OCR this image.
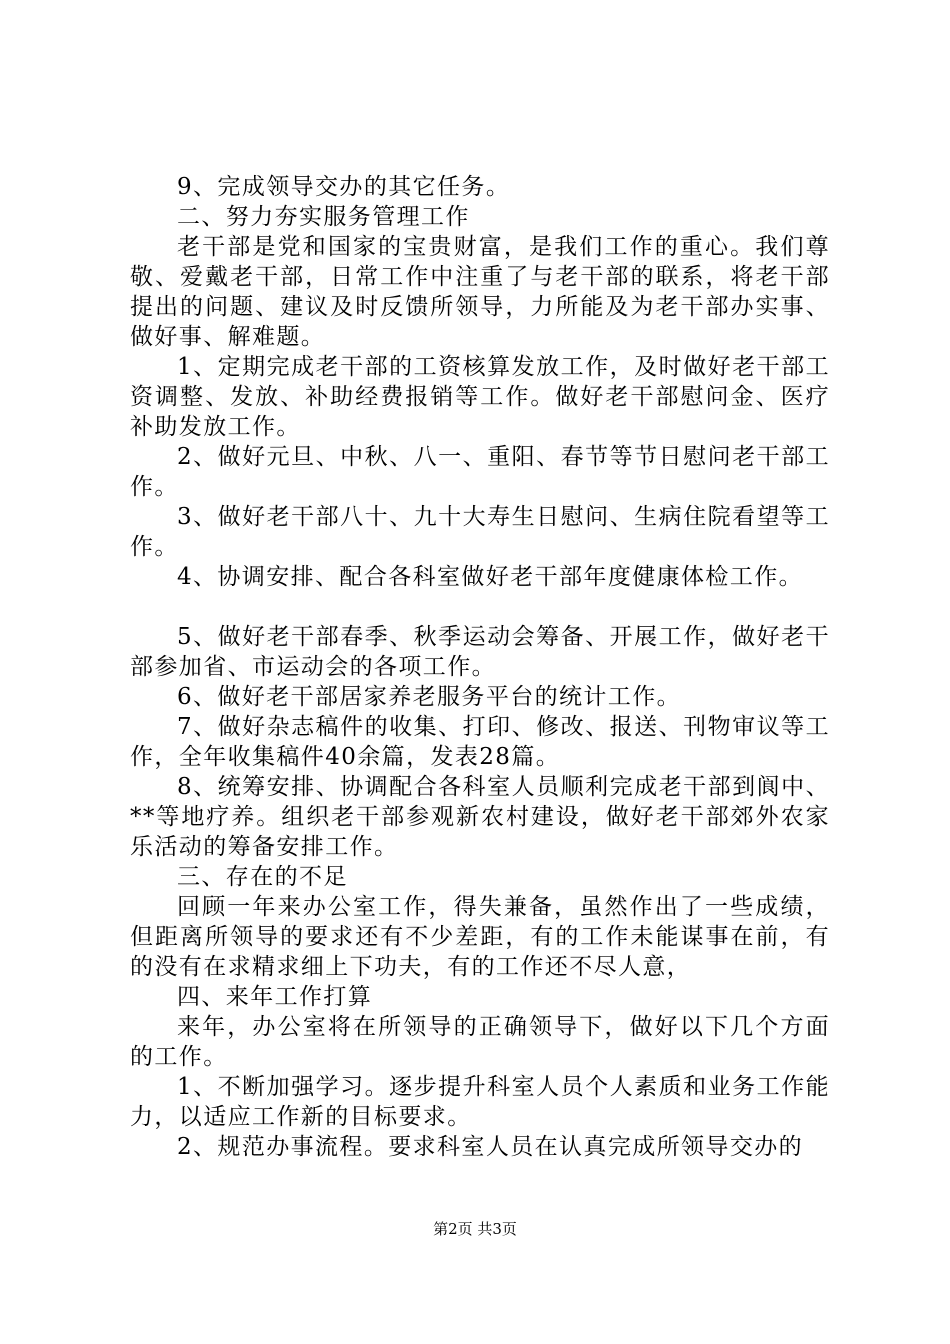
9、完成领导交办的其它任务。

二、努力夯实服务管理工作

老干部是党和国家的宝贵财富，是我们工作的重心。我们尊敬、爱戴老干部，日常工作中注重了与老干部的联系，将老干部提出的问题、建议及时反馈所领导，力所能及为老干部办实事、做好事、解难题。

1、定期完成老干部的工资核算发放工作，及时做好老干部工资调整、发放、补助经费报销等工作。做好老干部慰问金、医疗补助发放工作。

2、做好元旦、中秋、八一、重阳、春节等节日慰问老干部工作。

3、做好老干部八十、九十大寿生日慰问、生病住院看望等工作。

4、协调安排、配合各科室做好老干部年度健康体检工作。

5、做好老干部春季、秋季运动会筹备、开展工作，做好老干部参加省、市运动会的各项工作。

6、做好老干部居家养老服务平台的统计工作。

7、做好杂志稿件的收集、打印、修改、报送、刊物审议等工作，全年收集稿件40余篇，发表28篇。

8、统筹安排、协调配合各科室人员顺利完成老干部到阆中、**等地疗养。组织老干部参观新农村建设，做好老干部郊外农家乐活动的筹备安排工作。

三、存在的不足

回顾一年来办公室工作，得失兼备，虽然作出了一些成绩，但距离所领导的要求还有不少差距，有的工作未能谋事在前，有的没有在求精求细上下功夫，有的工作还不尽人意，

四、来年工作打算

来年，办公室将在所领导的正确领导下，做好以下几个方面的工作。

1、不断加强学习。逐步提升科室人员个人素质和业务工作能力，以适应工作新的目标要求。

2、规范办事流程。要求科室人员在认真完成所领导交办的

第2页 共3页
